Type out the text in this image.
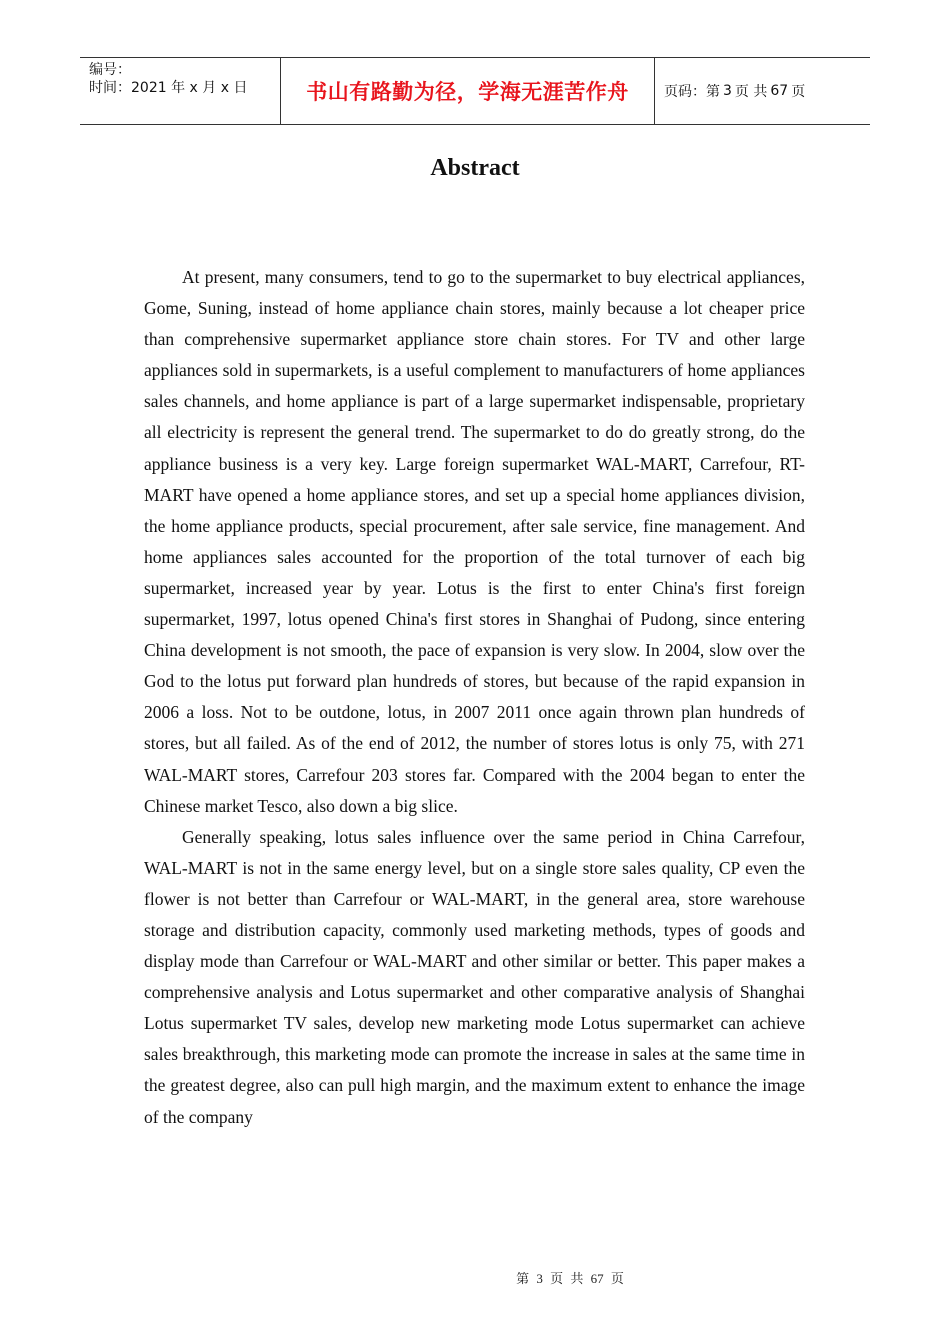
编号：
时间：2021 年 x 月 x 日	书山有路勤为径，学海无涯苦作舟	页码：第 3 页 共 67 页
Abstract

At present, many consumers, tend to go to the supermarket to buy electrical appliances, Gome, Suning, instead of home appliance chain stores, mainly because a lot cheaper price than comprehensive supermarket appliance store chain stores. For TV and other large appliances sold in supermarkets, is a useful complement to manufacturers of home appliances sales channels, and home appliance is part of a large supermarket indispensable, proprietary all electricity is represent the general trend. The supermarket to do do greatly strong, do the appliance business is a very key. Large foreign supermarket WAL-MART, Carrefour, RT-MART have opened a home appliance stores, and set up a special home appliances division, the home appliance products, special procurement, after sale service, fine management. And home appliances sales accounted for the proportion of the total turnover of each big supermarket, increased year by year. Lotus is the first to enter China's first foreign supermarket, 1997, lotus opened China's first stores in Shanghai of Pudong, since entering China development is not smooth, the pace of expansion is very slow. In 2004, slow over the God to the lotus put forward plan hundreds of stores, but because of the rapid expansion in 2006 a loss. Not to be outdone, lotus, in 2007 2011 once again thrown plan hundreds of stores, but all failed. As of the end of 2012, the number of stores lotus is only 75, with 271 WAL-MART stores, Carrefour 203 stores far. Compared with the 2004 began to enter the Chinese market Tesco, also down a big slice.

Generally speaking, lotus sales influence over the same period in China Carrefour, WAL-MART is not in the same energy level, but on a single store sales quality, CP even the flower is not better than Carrefour or WAL-MART, in the general area, store warehouse storage and distribution capacity, commonly used marketing methods, types of goods and display mode than Carrefour or WAL-MART and other similar or better. This paper makes a comprehensive analysis and Lotus supermarket and other comparative analysis of Shanghai Lotus supermarket TV sales, develop new marketing mode Lotus supermarket can achieve sales breakthrough, this marketing mode can promote the increase in sales at the same time in the greatest degree, also can pull high margin, and the maximum extent to enhance the image of the company

第 3 页 共 67 页
